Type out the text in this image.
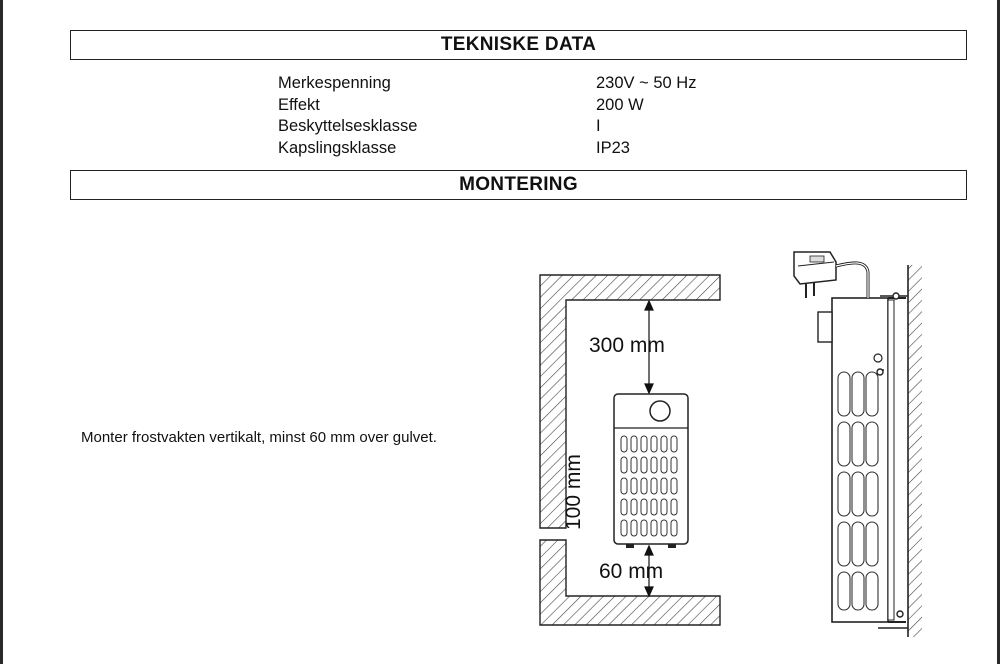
TEKNISKE DATA
Merkespenning	230V ~ 50 Hz
Effekt	200 W
Beskyttelsesklasse	I
Kapslingsklasse	IP23
MONTERING
Monter frostvakten vertikalt, minst 60 mm over gulvet.
300 mm
100 mm
60 mm
